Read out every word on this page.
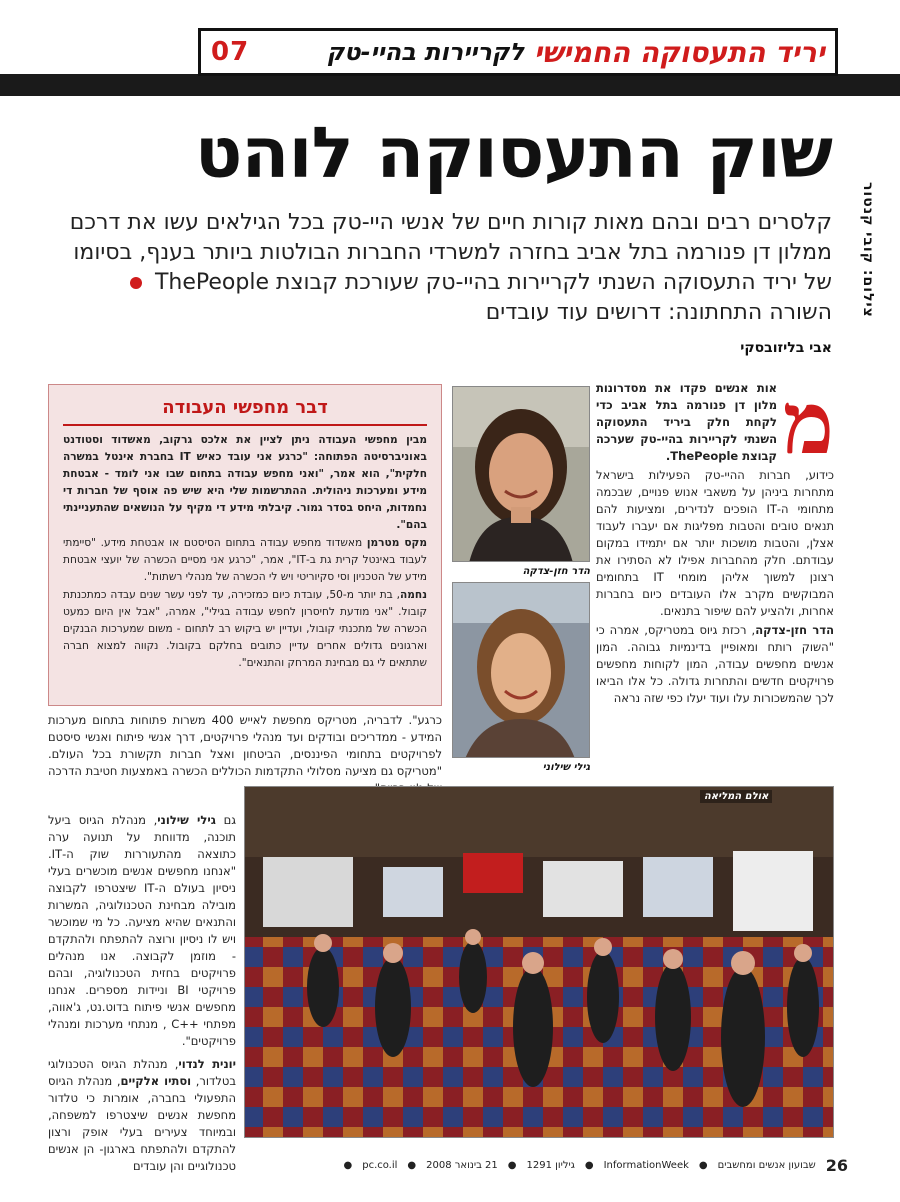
07	לקריירות בהיי-טק יריד התעסוקה החמישי
צילום: קובי קנטור
שוק התעסוקה לוהט
קלסרים רבים ובהם מאות קורות חיים של אנשי היי-טק בכל הגילאים עשו את דרכם ממלון דן פנורמה בתל אביב בחזרה למשרדי החברות הבולטות ביותר בענף, בסיומו של יריד התעסוקה השנתי לקריירות בהיי-טק שעורכת קבוצת ThePeople  השורה התחתונה: דרושים עוד עובדים
אבי בליזובסקי
מ

אות אנשים פקדו את מסדרונות מלון דן פנורמה בתל אביב כדי לקחת חלק ביריד התעסוקה השנתי לקריירות בהיי-טק שערכה קבוצת ThePeople.

כידוע, חברות ההיי-טק הפעילות בישראל מתחרות ביניהן על משאבי אנוש פנויים, שבכמה מתחומי ה-IT הופכים לנדירים, ומציעות להם תנאים טובים והטבות מפליגות אם יעברו לעבוד אצלן, והטבות מושכות יותר אם יתמידו במקום עבודתם. חלק מהחברות אפילו לא הסתירו את רצונן למשוך אליהן מומחי IT בתחומים המבוקשים מקרב אלו העובדים כיום בחברות אחרות, ולהציע להם שיפור בתנאים.

הדר חזן-צדקה, רכזת גיוס במטריקס, אמרה כי "השוק רותח ומאופיין בדינמיות גבוהה. המון אנשים מחפשים עבודה, המון לקוחות מחפשים פרויקטים חדשים והתחרות גדולה. כל אלו הביאו לכך שהמשכורות עלו ועוד יעלו כפי שזה נראה

הדר חזן-צדקה
גילי שילוני
דבר מחפשי העבודה

מבין מחפשי העבודה ניתן לציין את אלכס גרקוב, מאשדוד וסטודנט באוניברסיטה הפתוחה: "כרגע אני עובד כאיש IT בחברת אינטל במשרה חלקית", הוא אמר, "ואני מחפש עבודה בתחום שבו אני לומד - אבטחת מידע ומערכות ניהולית. ההתרשמות שלי היא שיש פה אוסף של חברות די נחמדות, היחס בסדר גמור. קיבלתי מידע די מקיף על הנושאים שהתעניינתי בהם".

מקס מטרמן מאשדוד מחפש עבודה בתחום הסיסטם או אבטחת מידע. "סיימתי לעבוד באינטל קרית גת ב-IT", אמר, "כרגע אני מסיים הכשרה של יועצי אבטחת מידע של הטכניון וסי סקיוריטי ויש לי הכשרה של מנהלי רשתות".

נחמה, בת יותר מ-50, עובדת כיום כמזכירה, עד לפני עשר שנים עבדה כמתכנתת קובול. "אני מודעת לחיסרון לחפש עבודה בגילי", אמרה, "אבל אין היום כמעט הכשרה של מתכנתי קובול, ועדיין יש ביקוש רב לתחום - משום שמערכות הבנקים וארגונים גדולים אחרים עדיין כתובים בחלקם בקובול. נקווה למצוא חברה שתתאים לי גם מבחינת המרחק והתנאים".

כרגע". לדבריה, מטריקס מחפשת לאייש 400 משרות פתוחות בתחום מערכות המידע - ממדריכים ובודקים ועד מנהלי פרויקטים, דרך אנשי פיתוח ואנשי סיסטם לפרויקטים בתחומי הפיננסים, הביטחון ואצל חברות תקשורת בכל העולם. "מטריקס גם מציעה מסלולי התקדמות הכוללים הכשרה באמצעות חטיבת הדרכה

גם גילי שילוני, מנהלת הגיוס ביעל תוכנה, מדווחת על תנועה ערה כתוצאה מהתעוררות שוק ה-IT. "אנחנו מחפשים אנשים מוכשרים בעלי ניסיון בעולם ה-IT שיצטרפו לקבוצה מובילה מבחינת הטכנולוגיה, המשרות והתנאים שהיא מציעה. כל מי שמוכשר ויש לו ניסיון ורוצה להתפתח ולהתקדם - מוזמן לקבוצה. אנו מנהלים פרויקטים בחזית הטכנולוגיה, ובהם פרויקטי BI וניידות מספרים. אנחנו מחפשים אנשי פיתוח בדוט.נט, ג'אווה, מפתחי ++C , מנתחי מערכות ומנהלי פרויקטים".

יונית לנדוי, מנהלת הגיוס הטכנולוגי בטלדור, וסתיו אלקיים, מנהלת הגיוס התפעולי בחברה, אומרות כי טלדור מחפשת אנשים שיצטרפו למשפחה, ובמיוחד צעירים בעלי אופק ורצון להתקדם ולהתפתח בארגון- הן אנשים טכנולוגיים והן עובדים

אולם המליאה
26
שבועון אנשים ומחשבים
●
InformationWeek
●
גיליון 1291
●
21 בינואר 2008
●
pc.co.il
●
